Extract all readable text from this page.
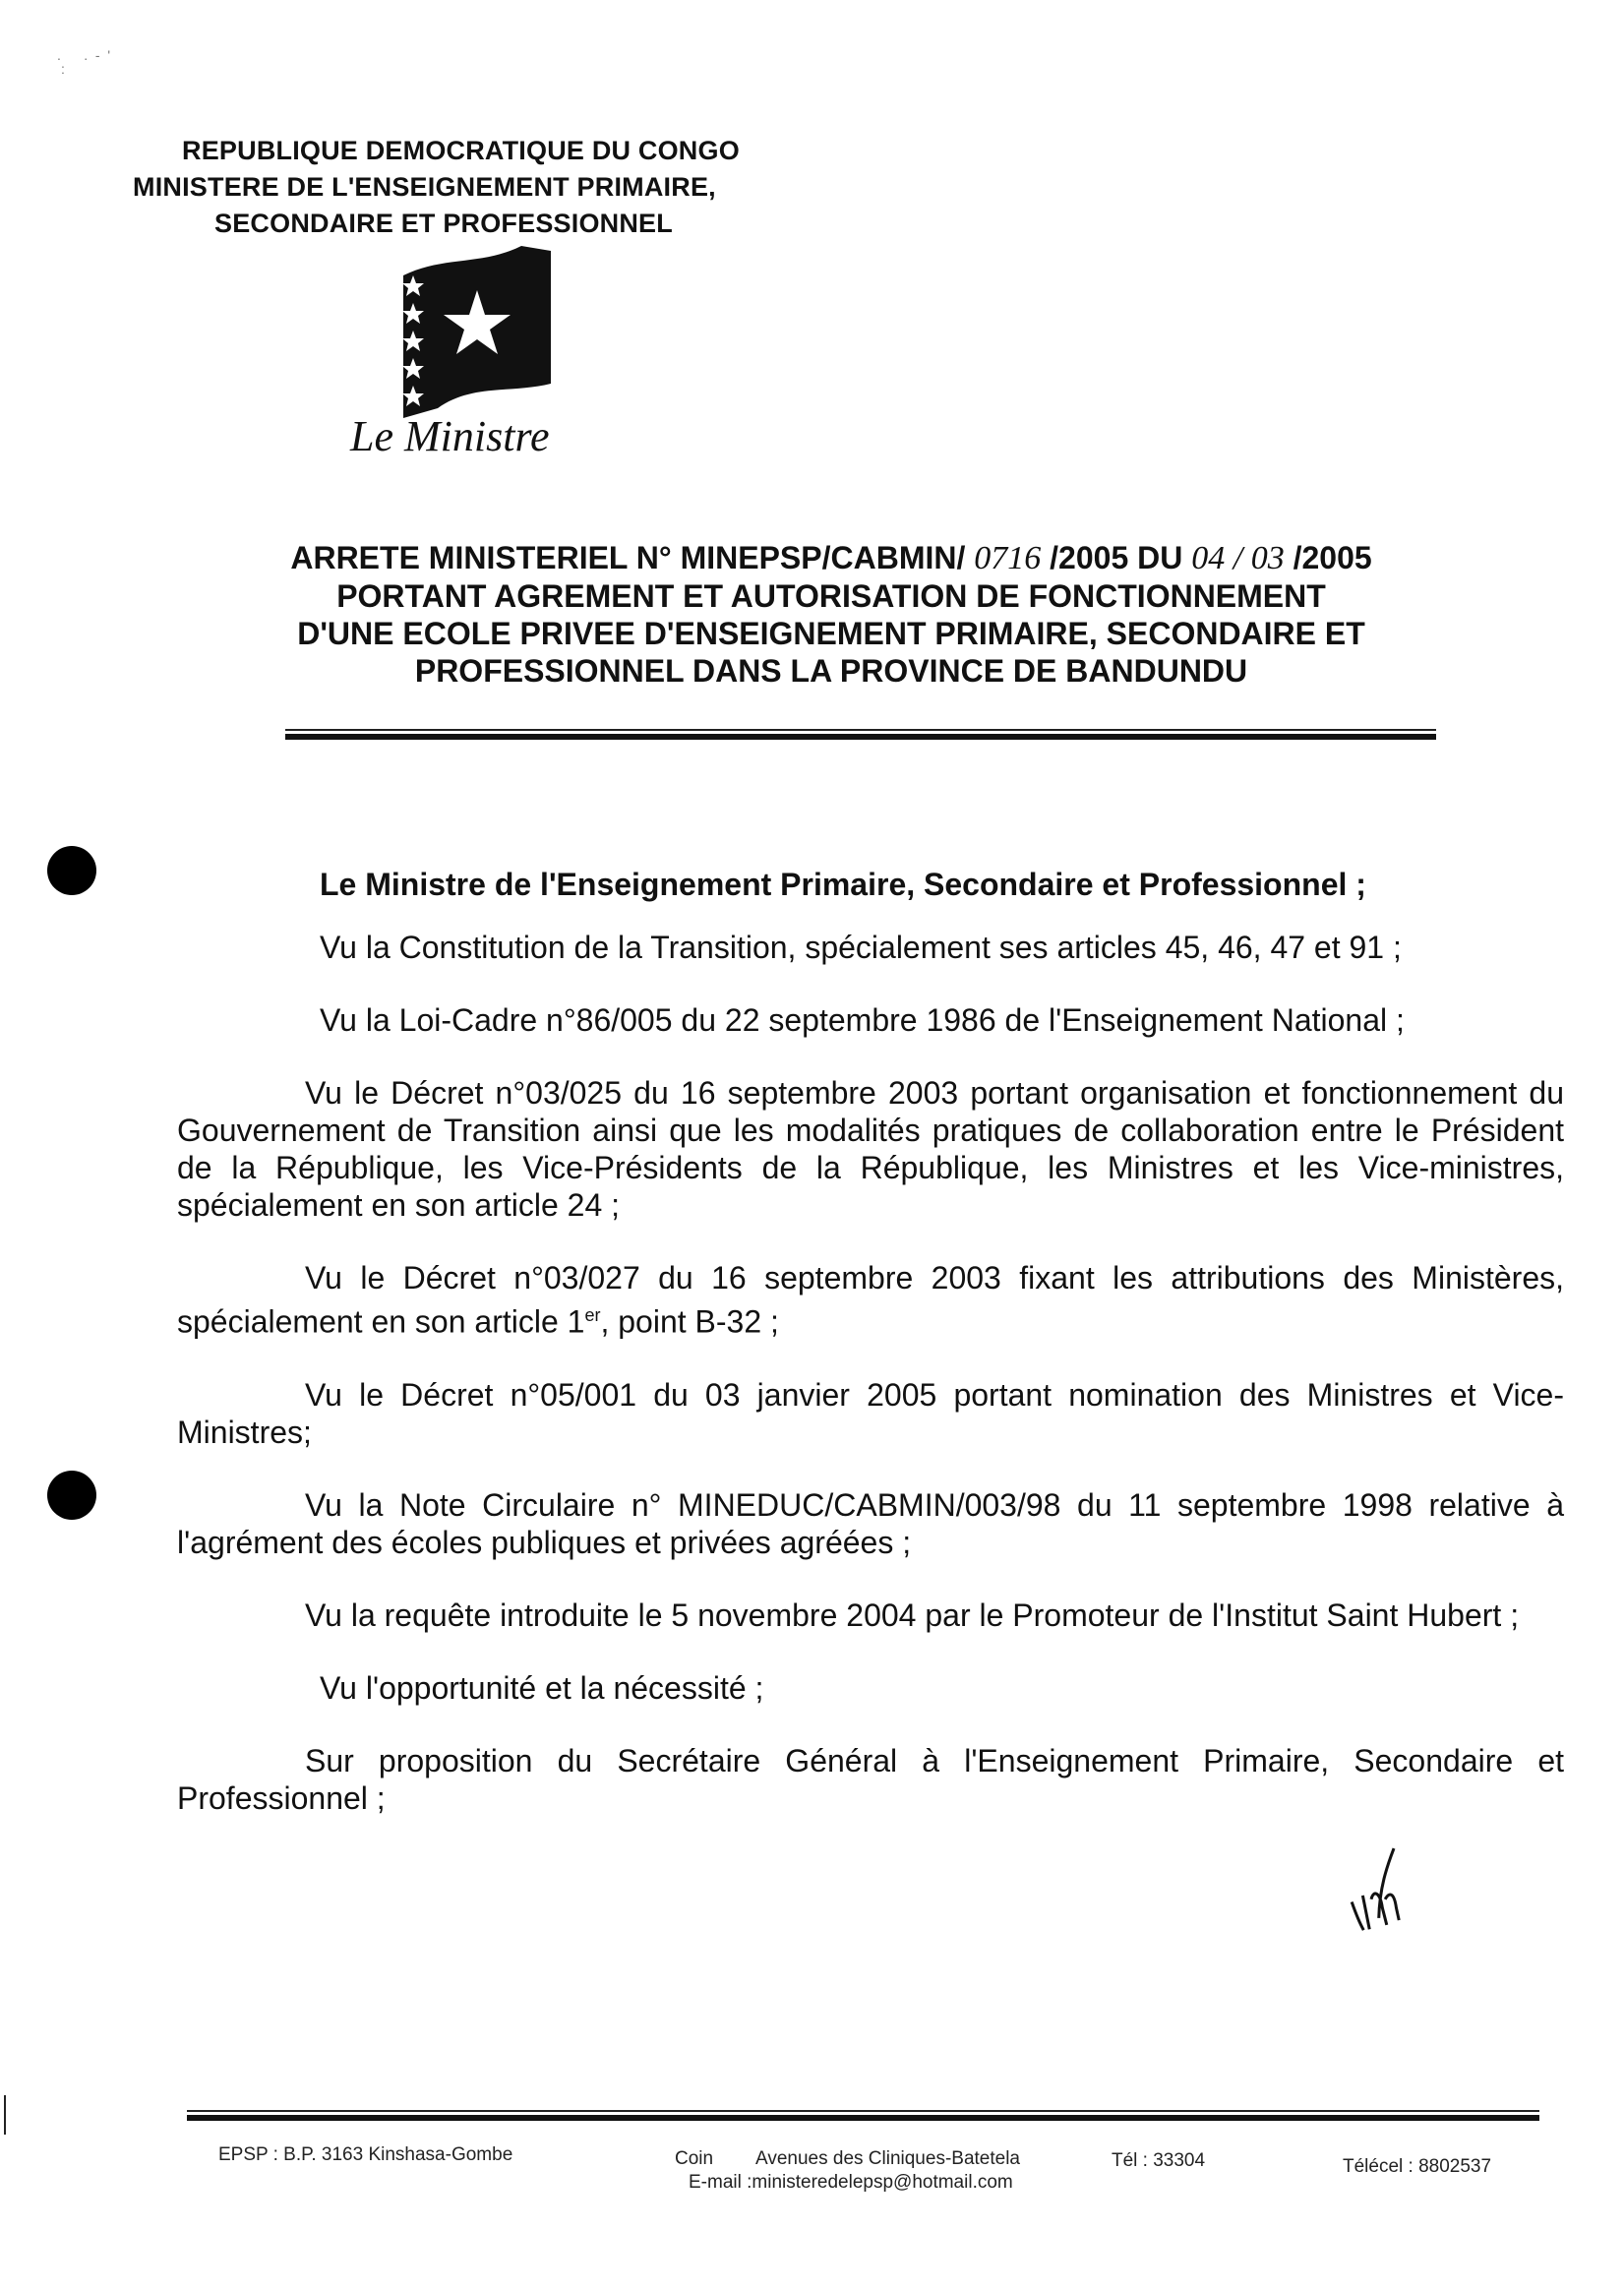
.      .  -  '
:
REPUBLIQUE DEMOCRATIQUE DU CONGO
MINISTERE DE L'ENSEIGNEMENT PRIMAIRE,
SECONDAIRE ET PROFESSIONNEL
Le Ministre
ARRETE MINISTERIEL N° MINEPSP/CABMIN/ 0716 /2005 DU 04 / 03 /2005
PORTANT AGREMENT ET AUTORISATION DE FONCTIONNEMENT
D'UNE ECOLE PRIVEE D'ENSEIGNEMENT PRIMAIRE, SECONDAIRE ET
PROFESSIONNEL DANS LA PROVINCE DE BANDUNDU

Le Ministre de l'Enseignement Primaire, Secondaire et Professionnel ;

Vu la Constitution de la Transition, spécialement ses articles 45, 46, 47 et 91 ;

Vu la Loi-Cadre n°86/005 du 22 septembre 1986 de l'Enseignement National ;

Vu le Décret n°03/025 du 16 septembre 2003 portant organisation et fonctionnement du Gouvernement de Transition ainsi que les modalités pratiques de collaboration entre le Président de la République, les Vice-Présidents de la République, les Ministres et les Vice-ministres, spécialement en son article 24 ;

Vu le Décret n°03/027 du 16 septembre 2003 fixant les attributions des Ministères, spécialement en son article 1er, point B-32 ;

Vu le Décret n°05/001 du 03 janvier 2005 portant nomination des Ministres et Vice-Ministres;

Vu la Note Circulaire n° MINEDUC/CABMIN/003/98 du 11 septembre 1998 relative à l'agrément des écoles publiques et privées agréées ;

Vu la requête introduite le 5 novembre 2004 par le Promoteur de l'Institut Saint Hubert ;

Vu l'opportunité et la nécessité ;

Sur proposition du Secrétaire Général à l'Enseignement Primaire, Secondaire et Professionnel ;

EPSP : B.P. 3163 Kinshasa-Gombe	Coin Avenues des Cliniques-Batetela
E-mail :ministeredelepsp@hotmail.com
Tél : 33304	Télécel : 8802537
